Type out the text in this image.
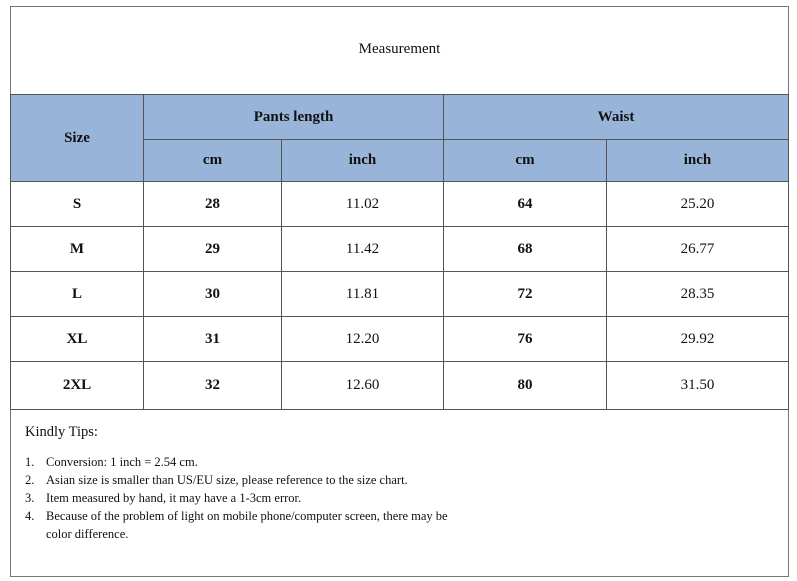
Measurement
Size	Pants length		Waist	
	cm	inch	cm	inch
S	28	11.02	64	25.20
M	29	11.42	68	26.77
L	30	11.81	72	28.35
XL	31	12.20	76	29.92
2XL	32	12.60	80	31.50
Kindly Tips:
1. Conversion: 1 inch = 2.54 cm.
2. Asian size is smaller than US/EU size, please reference to the size chart.
3. Item measured by hand, it may have a 1-3cm error.
4. Because of the problem of light on mobile phone/computer screen, there may be
color difference.
